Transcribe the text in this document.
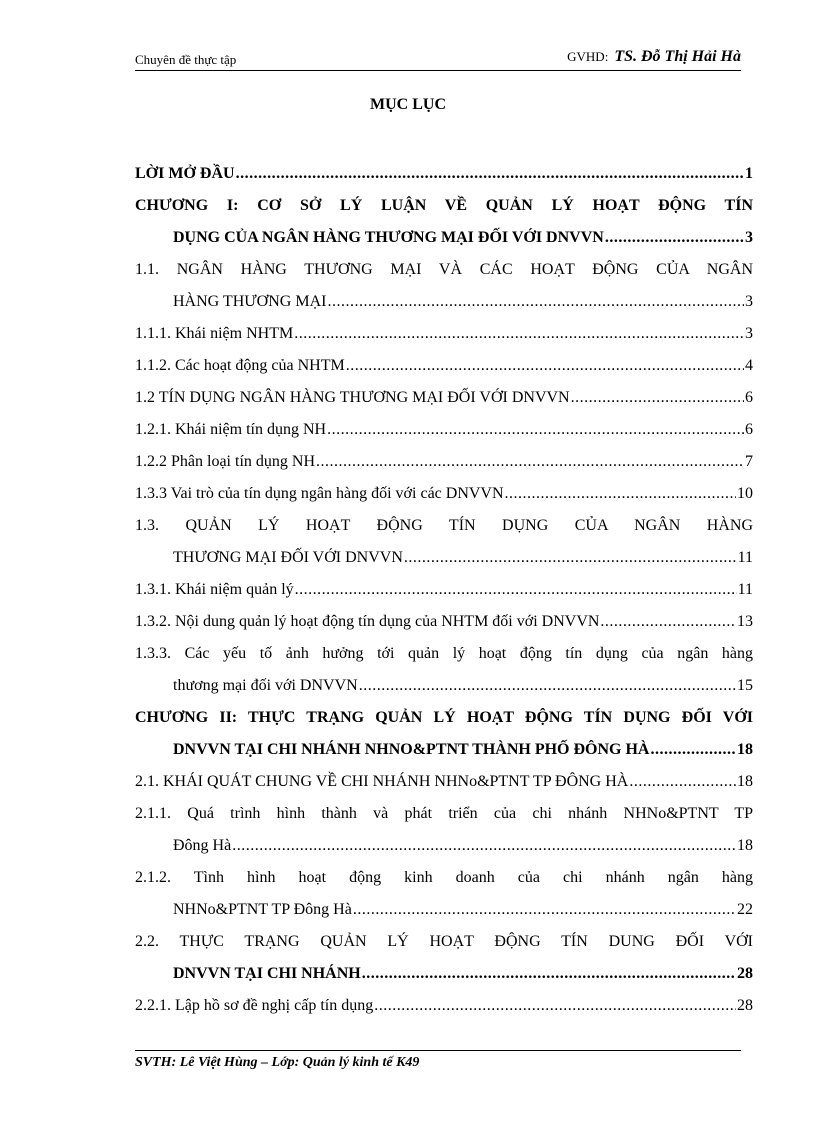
Chuyên đề thực tập	GVHD: TS. Đỗ Thị Hải Hà
MỤC LỤC
LỜI MỞ ĐẦU .....	1
CHƯƠNG I: CƠ SỞ LÝ LUẬN VỀ QUẢN LÝ HOẠT ĐỘNG TÍN
DỤNG CỦA NGÂN HÀNG THƯƠNG MẠI ĐỐI VỚI DNVVN .....	3
1.1. NGÂN HÀNG THƯƠNG MẠI VÀ CÁC HOẠT ĐỘNG CỦA NGÂN
HÀNG THƯƠNG MẠI .....	3
1.1.1. Khái niệm NHTM .....	3
1.1.2. Các hoạt động của NHTM .....	4
1.2 TÍN DỤNG NGÂN HÀNG THƯƠNG MẠI ĐỐI VỚI DNVVN .....	6
1.2.1. Khái niệm tín dụng NH .....	6
1.2.2 Phân loại tín dụng NH .....	7
1.3.3 Vai trò của tín dụng ngân hàng đối với các DNVVN .....	10
1.3. QUẢN LÝ HOẠT ĐỘNG TÍN DỤNG CỦA NGÂN HÀNG
THƯƠNG MẠI ĐỐI VỚI DNVVN .....	11
1.3.1. Khái niệm quản lý .....	11
1.3.2. Nội dung quản lý hoạt động tín dụng của NHTM đối với DNVVN .....	13
1.3.3. Các yếu tố ảnh hưởng tới quản lý hoạt động tín dụng của ngân hàng
thương mại đối với DNVVN .....	15
CHƯƠNG II: THỰC TRẠNG QUẢN LÝ HOẠT ĐỘNG TÍN DỤNG ĐỐI VỚI
DNVVN TẠI CHI NHÁNH NHNO&PTNT THÀNH PHỐ ĐÔNG HÀ .....	18
2.1. KHÁI QUÁT CHUNG VỀ CHI NHÁNH NHNo&PTNT TP ĐÔNG HÀ .....	18
2.1.1. Quá trình hình thành và phát triển của chi nhánh NHNo&PTNT TP
Đông Hà .....	18
2.1.2. Tình hình hoạt động kinh doanh của chi nhánh ngân hàng
NHNo&PTNT TP Đông Hà .....	22
2.2. THỰC TRẠNG QUẢN LÝ HOẠT ĐỘNG TÍN DUNG ĐỐI VỚI
DNVVN TẠI CHI NHÁNH .....	28
2.2.1. Lập hồ sơ đề nghị cấp tín dụng .....	28
SVTH: Lê Việt Hùng – Lớp: Quản lý kinh tế K49
